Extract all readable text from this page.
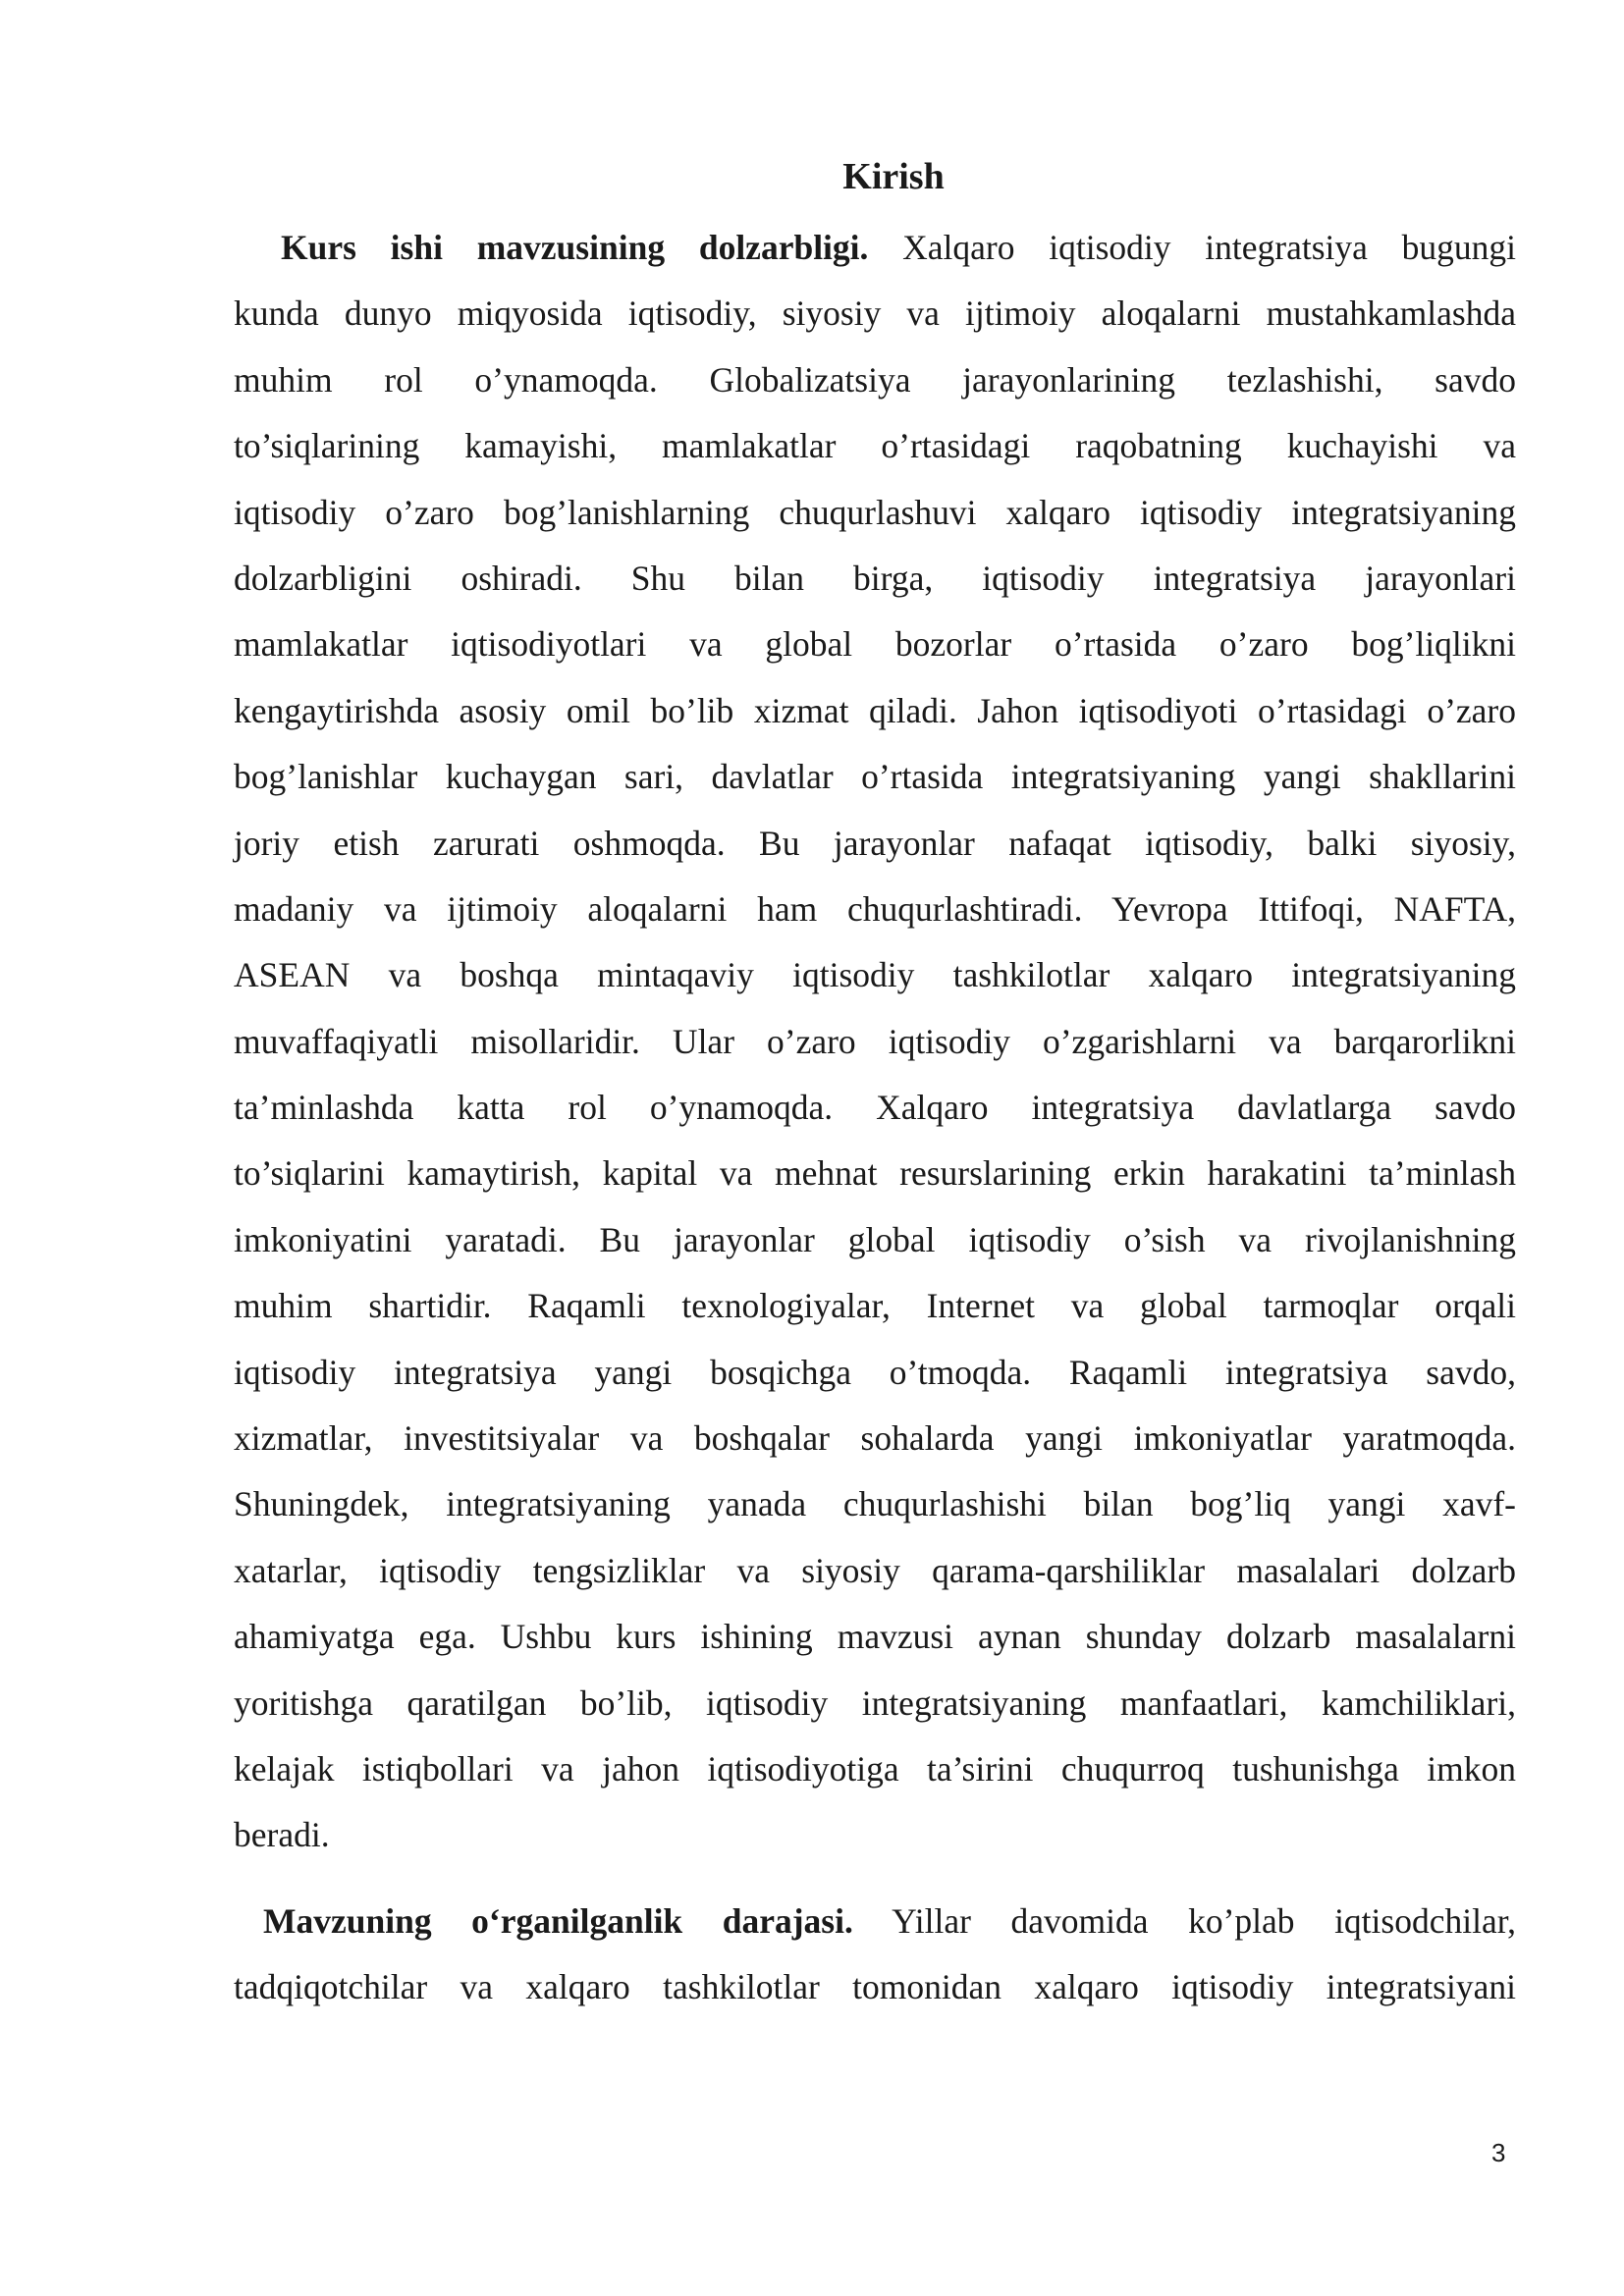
Kirish
Kurs ishi mavzusining dolzarbligi. Xalqaro iqtisodiy integratsiya bugungi
kunda dunyo miqyosida iqtisodiy, siyosiy va ijtimoiy aloqalarni mustahkamlashda
muhim rol o’ynamoqda. Globalizatsiya jarayonlarining tezlashishi, savdo
to’siqlarining kamayishi, mamlakatlar o’rtasidagi raqobatning kuchayishi va
iqtisodiy o’zaro bog’lanishlarning chuqurlashuvi xalqaro iqtisodiy integratsiyaning
dolzarbligini oshiradi. Shu bilan birga, iqtisodiy integratsiya jarayonlari
mamlakatlar iqtisodiyotlari va global bozorlar o’rtasida o’zaro bog’liqlikni
kengaytirishda asosiy omil bo’lib xizmat qiladi. Jahon iqtisodiyoti o’rtasidagi o’zaro
bog’lanishlar kuchaygan sari, davlatlar o’rtasida integratsiyaning yangi shakllarini
joriy etish zarurati oshmoqda. Bu jarayonlar nafaqat iqtisodiy, balki siyosiy,
madaniy va ijtimoiy aloqalarni ham chuqurlashtiradi. Yevropa Ittifoqi, NAFTA,
ASEAN va boshqa mintaqaviy iqtisodiy tashkilotlar xalqaro integratsiyaning
muvaffaqiyatli misollaridir. Ular o’zaro iqtisodiy o’zgarishlarni va barqarorlikni
ta’minlashda katta rol o’ynamoqda. Xalqaro integratsiya davlatlarga savdo
to’siqlarini kamaytirish, kapital va mehnat resurslarining erkin harakatini ta’minlash
imkoniyatini yaratadi. Bu jarayonlar global iqtisodiy o’sish va rivojlanishning
muhim shartidir. Raqamli texnologiyalar, Internet va global tarmoqlar orqali
iqtisodiy integratsiya yangi bosqichga o’tmoqda. Raqamli integratsiya savdo,
xizmatlar, investitsiyalar va boshqalar sohalarda yangi imkoniyatlar yaratmoqda.
Shuningdek, integratsiyaning yanada chuqurlashishi bilan bog’liq yangi xavf-
xatarlar, iqtisodiy tengsizliklar va siyosiy qarama-qarshiliklar masalalari dolzarb
ahamiyatga ega. Ushbu kurs ishining mavzusi aynan shunday dolzarb masalalarni
yoritishga qaratilgan bo’lib, iqtisodiy integratsiyaning manfaatlari, kamchiliklari,
kelajak istiqbollari va jahon iqtisodiyotiga ta’sirini chuqurroq tushunishga imkon
beradi.
Mavzuning o‘rganilganlik darajasi. Yillar davomida ko’plab iqtisodchilar,
tadqiqotchilar va xalqaro tashkilotlar tomonidan xalqaro iqtisodiy integratsiyani
3
